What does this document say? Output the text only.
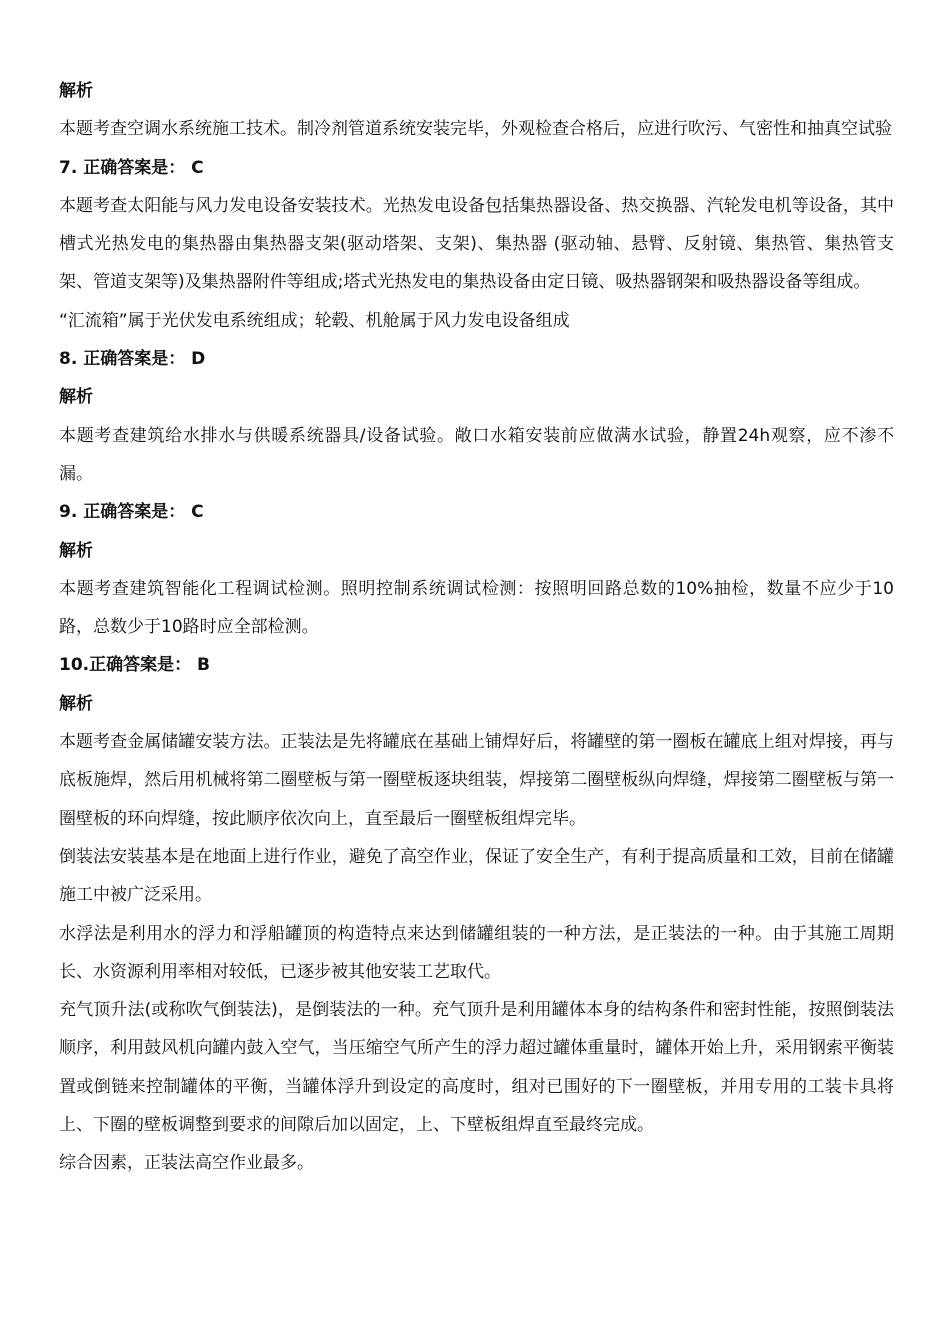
解析

本题考查空调水系统施工技术。制冷剂管道系统安装完毕，外观检查合格后，应进行吹污、气密性和抽真空试验

7. 正确答案是： C

本题考查太阳能与风力发电设备安装技术。光热发电设备包括集热器设备、热交换器、汽轮发电机等设备，其中槽式光热发电的集热器由集热器支架(驱动塔架、支架)、集热器 (驱动轴、悬臂、反射镜、集热管、集热管支架、管道支架等)及集热器附件等组成;塔式光热发电的集热设备由定日镜、吸热器钢架和吸热器设备等组成。

“汇流箱”属于光伏发电系统组成；轮毂、机舱属于风力发电设备组成

8. 正确答案是： D

解析

本题考查建筑给水排水与供暖系统器具/设备试验。敞口水箱安装前应做满水试验，静置24h观察，应不渗不漏。

9. 正确答案是： C

解析

本题考查建筑智能化工程调试检测。照明控制系统调试检测：按照明回路总数的10%抽检，数量不应少于10路，总数少于10路时应全部检测。

10.正确答案是： B

解析

本题考查金属储罐安装方法。正装法是先将罐底在基础上铺焊好后，将罐壁的第一圈板在罐底上组对焊接，再与底板施焊，然后用机械将第二圈壁板与第一圈壁板逐块组装，焊接第二圈壁板纵向焊缝，焊接第二圈壁板与第一圈壁板的环向焊缝，按此顺序依次向上，直至最后一圈壁板组焊完毕。

倒装法安装基本是在地面上进行作业，避免了高空作业，保证了安全生产，有利于提高质量和工效，目前在储罐施工中被广泛采用。

水浮法是利用水的浮力和浮船罐顶的构造特点来达到储罐组装的一种方法，是正装法的一种。由于其施工周期长、水资源利用率相对较低，已逐步被其他安装工艺取代。

充气顶升法(或称吹气倒装法)，是倒装法的一种。充气顶升是利用罐体本身的结构条件和密封性能，按照倒装法顺序，利用鼓风机向罐内鼓入空气，当压缩空气所产生的浮力超过罐体重量时，罐体开始上升，采用钢索平衡装置或倒链来控制罐体的平衡，当罐体浮升到设定的高度时，组对已围好的下一圈壁板，并用专用的工装卡具将上、下圈的壁板调整到要求的间隙后加以固定，上、下壁板组焊直至最终完成。

综合因素，正装法高空作业最多。
